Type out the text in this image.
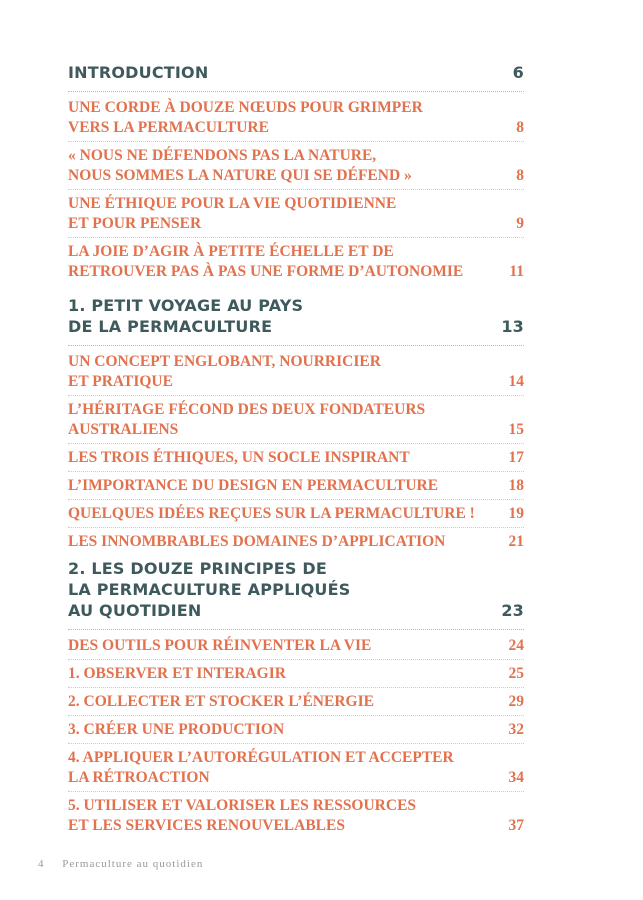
INTRODUCTION	6
UNE CORDE À DOUZE NŒUDS POUR GRIMPER
VERS LA PERMACULTURE	8
« NOUS NE DÉFENDONS PAS LA NATURE,
NOUS SOMMES LA NATURE QUI SE DÉFEND »	8
UNE ÉTHIQUE POUR LA VIE QUOTIDIENNE
ET POUR PENSER	9
LA JOIE D’AGIR À PETITE ÉCHELLE ET DE
RETROUVER PAS À PAS UNE FORME D’AUTONOMIE	11
1. PETIT VOYAGE AU PAYS
DE LA PERMACULTURE	13
UN CONCEPT ENGLOBANT, NOURRICIER
ET PRATIQUE	14
L’HÉRITAGE FÉCOND DES DEUX FONDATEURS
AUSTRALIENS	15
LES TROIS ÉTHIQUES, UN SOCLE INSPIRANT	17
L’IMPORTANCE DU DESIGN EN PERMACULTURE	18
QUELQUES IDÉES REÇUES SUR LA PERMACULTURE ! 19
LES INNOMBRABLES DOMAINES D’APPLICATION	21
2. LES DOUZE PRINCIPES DE
LA PERMACULTURE APPLIQUÉS
AU QUOTIDIEN	23
DES OUTILS POUR RÉINVENTER LA VIE	24
1. OBSERVER ET INTERAGIR	25
2. COLLECTER ET STOCKER L’ÉNERGIE	29
3. CRÉER UNE PRODUCTION	32
4. APPLIQUER L’AUTORÉGULATION ET ACCEPTER
LA RÉTROACTION	34
5. UTILISER ET VALORISER LES RESSOURCES
ET LES SERVICES RENOUVELABLES	37
4 Permaculture au quotidien
